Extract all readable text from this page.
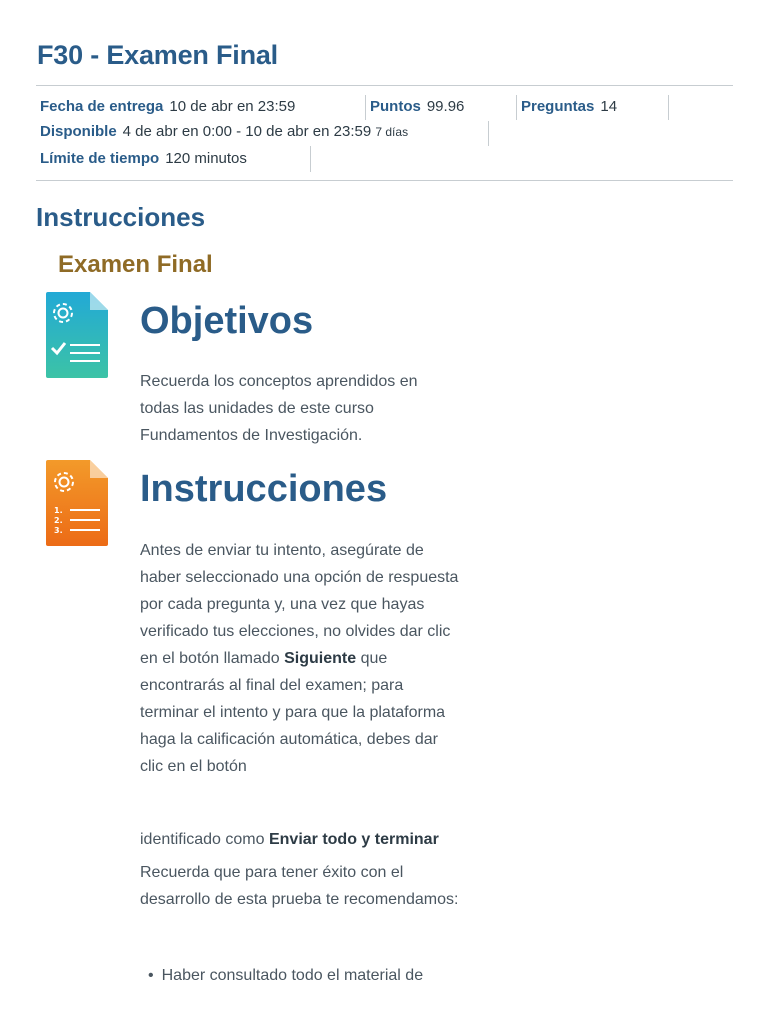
F30 - Examen Final
Fecha de entrega 10 de abr en 23:59	Puntos 99.96	Preguntas 14
Disponible 4 de abr en 0:00 - 10 de abr en 23:59 7 días
Límite de tiempo 120 minutos
Instrucciones
Examen Final
Objetivos

Recuerda los conceptos aprendidos en todas las unidades de este curso Fundamentos de Investigación.

1.
2.
3.
Instrucciones

Antes de enviar tu intento, asegúrate de haber seleccionado una opción de respuesta por cada pregunta y, una vez que hayas verificado tus elecciones, no olvides dar clic en el botón llamado Siguiente que encontrarás al final del examen; para terminar el intento y para que la plataforma haga la calificación automática, debes dar clic en el botón

identificado como Enviar todo y terminar

Recuerda que para tener éxito con el desarrollo de esta prueba te recomendamos:

• Haber consultado todo el material de
